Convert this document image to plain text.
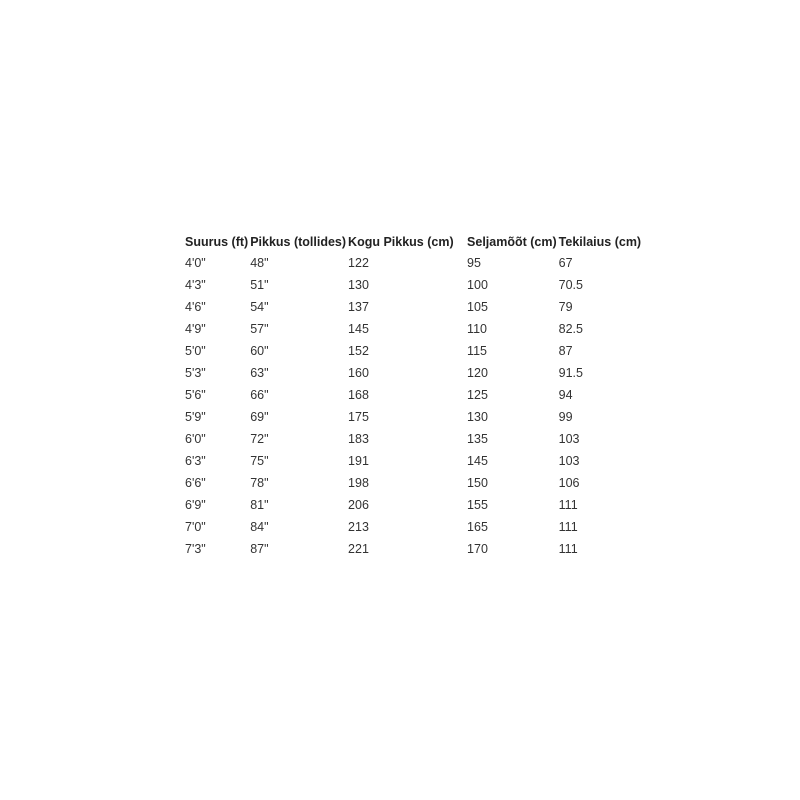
Suurus (ft)	Pikkus (tollides)	Kogu Pikkus (cm)	Seljamõõt (cm)	Tekilaius (cm)
4'0"	48"	122	95	67
4'3"	51"	130	100	70.5
4'6"	54"	137	105	79
4'9"	57"	145	110	82.5
5'0"	60"	152	115	87
5'3"	63"	160	120	91.5
5'6"	66"	168	125	94
5'9"	69"	175	130	99
6'0"	72"	183	135	103
6'3"	75"	191	145	103
6'6"	78"	198	150	106
6'9"	81"	206	155	111
7'0"	84"	213	165	111
7'3"	87"	221	170	111
